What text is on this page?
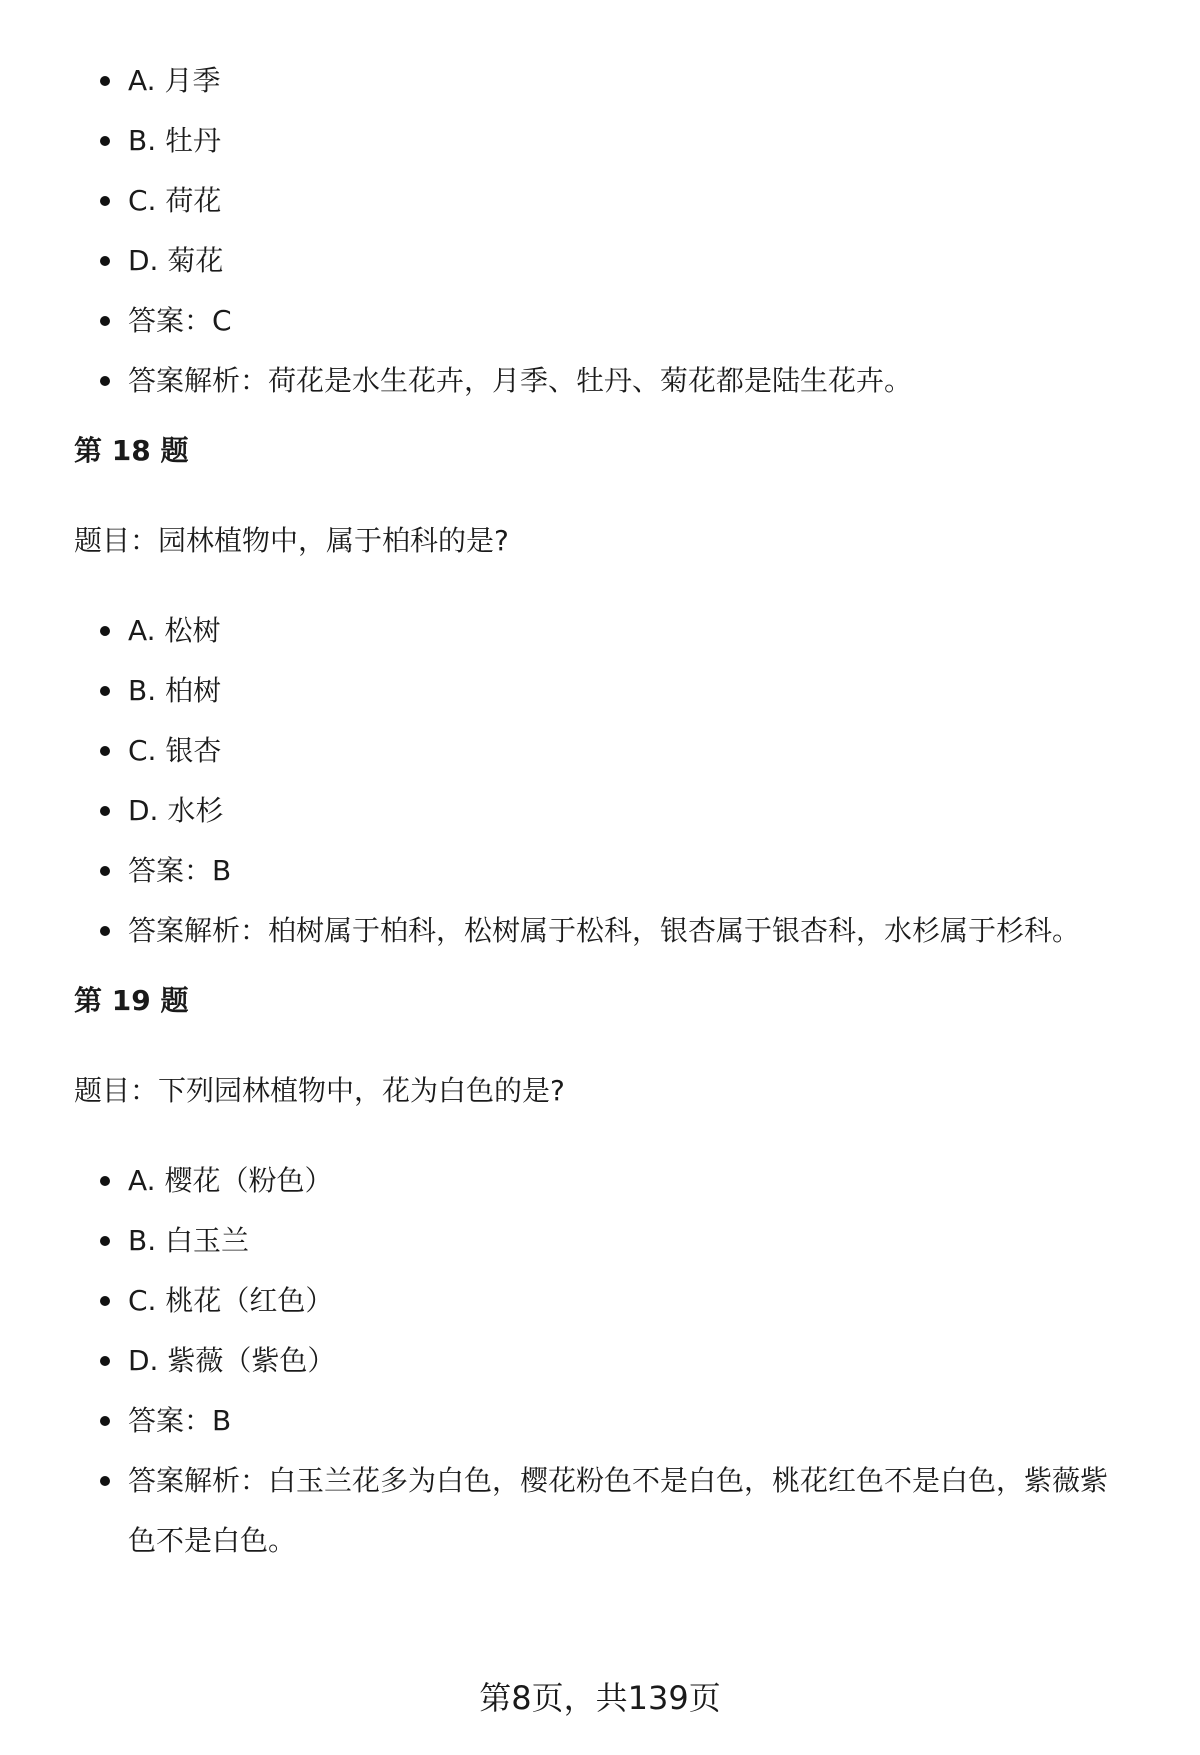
A. 月季
B. 牡丹
C. 荷花
D. 菊花
答案：C
答案解析：荷花是水生花卉，月季、牡丹、菊花都是陆生花卉。
第 18 题
题目：园林植物中，属于柏科的是?
A. 松树
B. 柏树
C. 银杏
D. 水杉
答案：B
答案解析：柏树属于柏科，松树属于松科，银杏属于银杏科，水杉属于杉科。
第 19 题
题目：下列园林植物中，花为白色的是?
A. 樱花（粉色）
B. 白玉兰
C. 桃花（红色）
D. 紫薇（紫色）
答案：B
答案解析：白玉兰花多为白色，樱花粉色不是白色，桃花红色不是白色，紫薇紫色不是白色。
第8页，共139页
